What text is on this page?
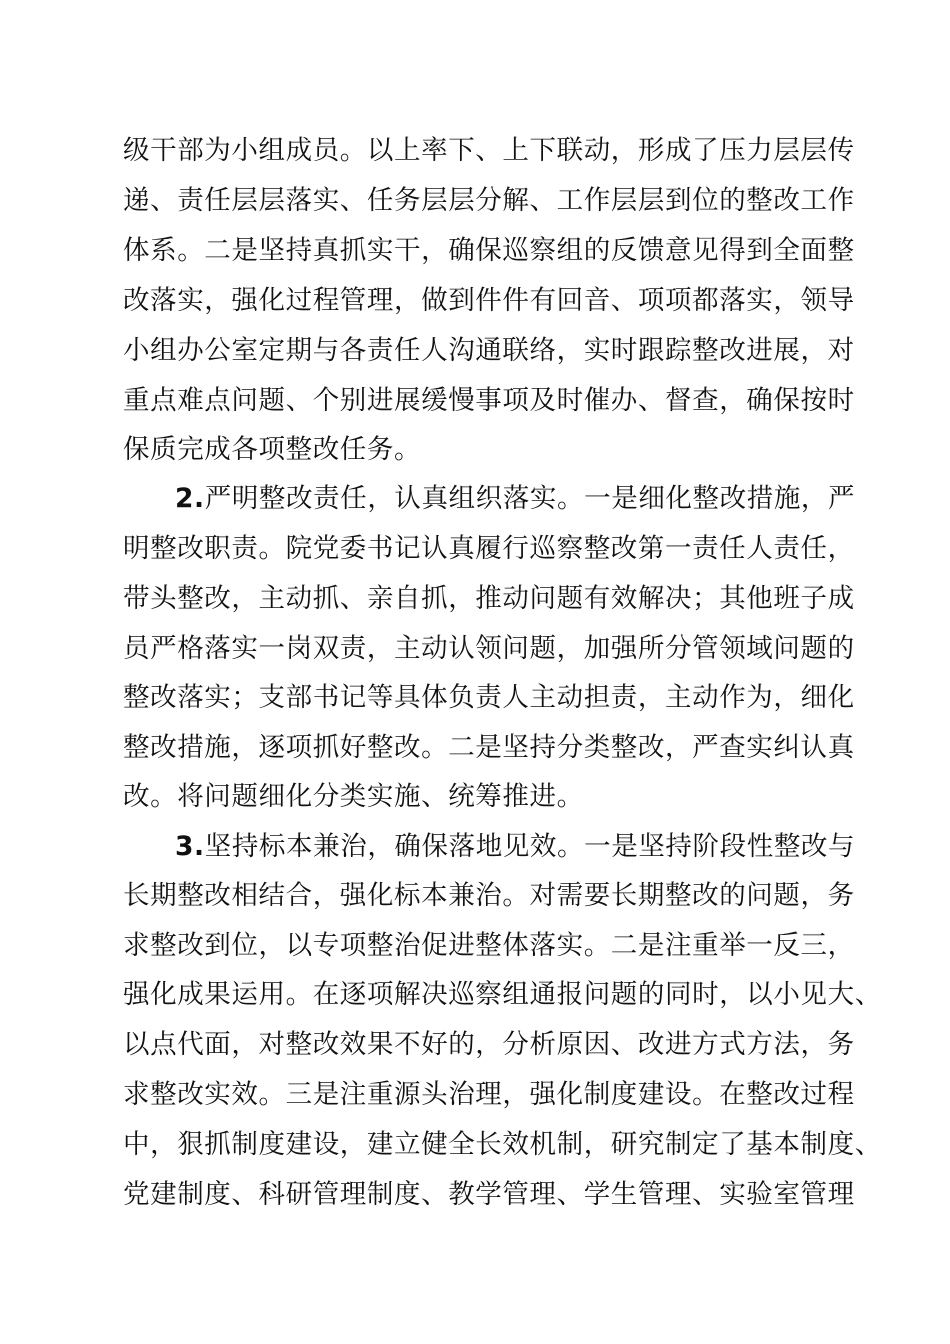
级干部为小组成员。以上率下、上下联动，形成了压力层层传
递、责任层层落实、任务层层分解、工作层层到位的整改工作
体系。二是坚持真抓实干，确保巡察组的反馈意见得到全面整
改落实，强化过程管理，做到件件有回音、项项都落实，领导
小组办公室定期与各责任人沟通联络，实时跟踪整改进展，对
重点难点问题、个别进展缓慢事项及时催办、督查，确保按时
保质完成各项整改任务。
2.严明整改责任，认真组织落实。一是细化整改措施，严
明整改职责。院党委书记认真履行巡察整改第一责任人责任，
带头整改，主动抓、亲自抓，推动问题有效解决；其他班子成
员严格落实一岗双责，主动认领问题，加强所分管领域问题的
整改落实；支部书记等具体负责人主动担责，主动作为，细化
整改措施，逐项抓好整改。二是坚持分类整改，严查实纠认真
改。将问题细化分类实施、统筹推进。
3.坚持标本兼治，确保落地见效。一是坚持阶段性整改与
长期整改相结合，强化标本兼治。对需要长期整改的问题，务
求整改到位，以专项整治促进整体落实。二是注重举一反三，
强化成果运用。在逐项解决巡察组通报问题的同时，以小见大、
以点代面，对整改效果不好的，分析原因、改进方式方法，务
求整改实效。三是注重源头治理，强化制度建设。在整改过程
中，狠抓制度建设，建立健全长效机制，研究制定了基本制度、
党建制度、科研管理制度、教学管理、学生管理、实验室管理
